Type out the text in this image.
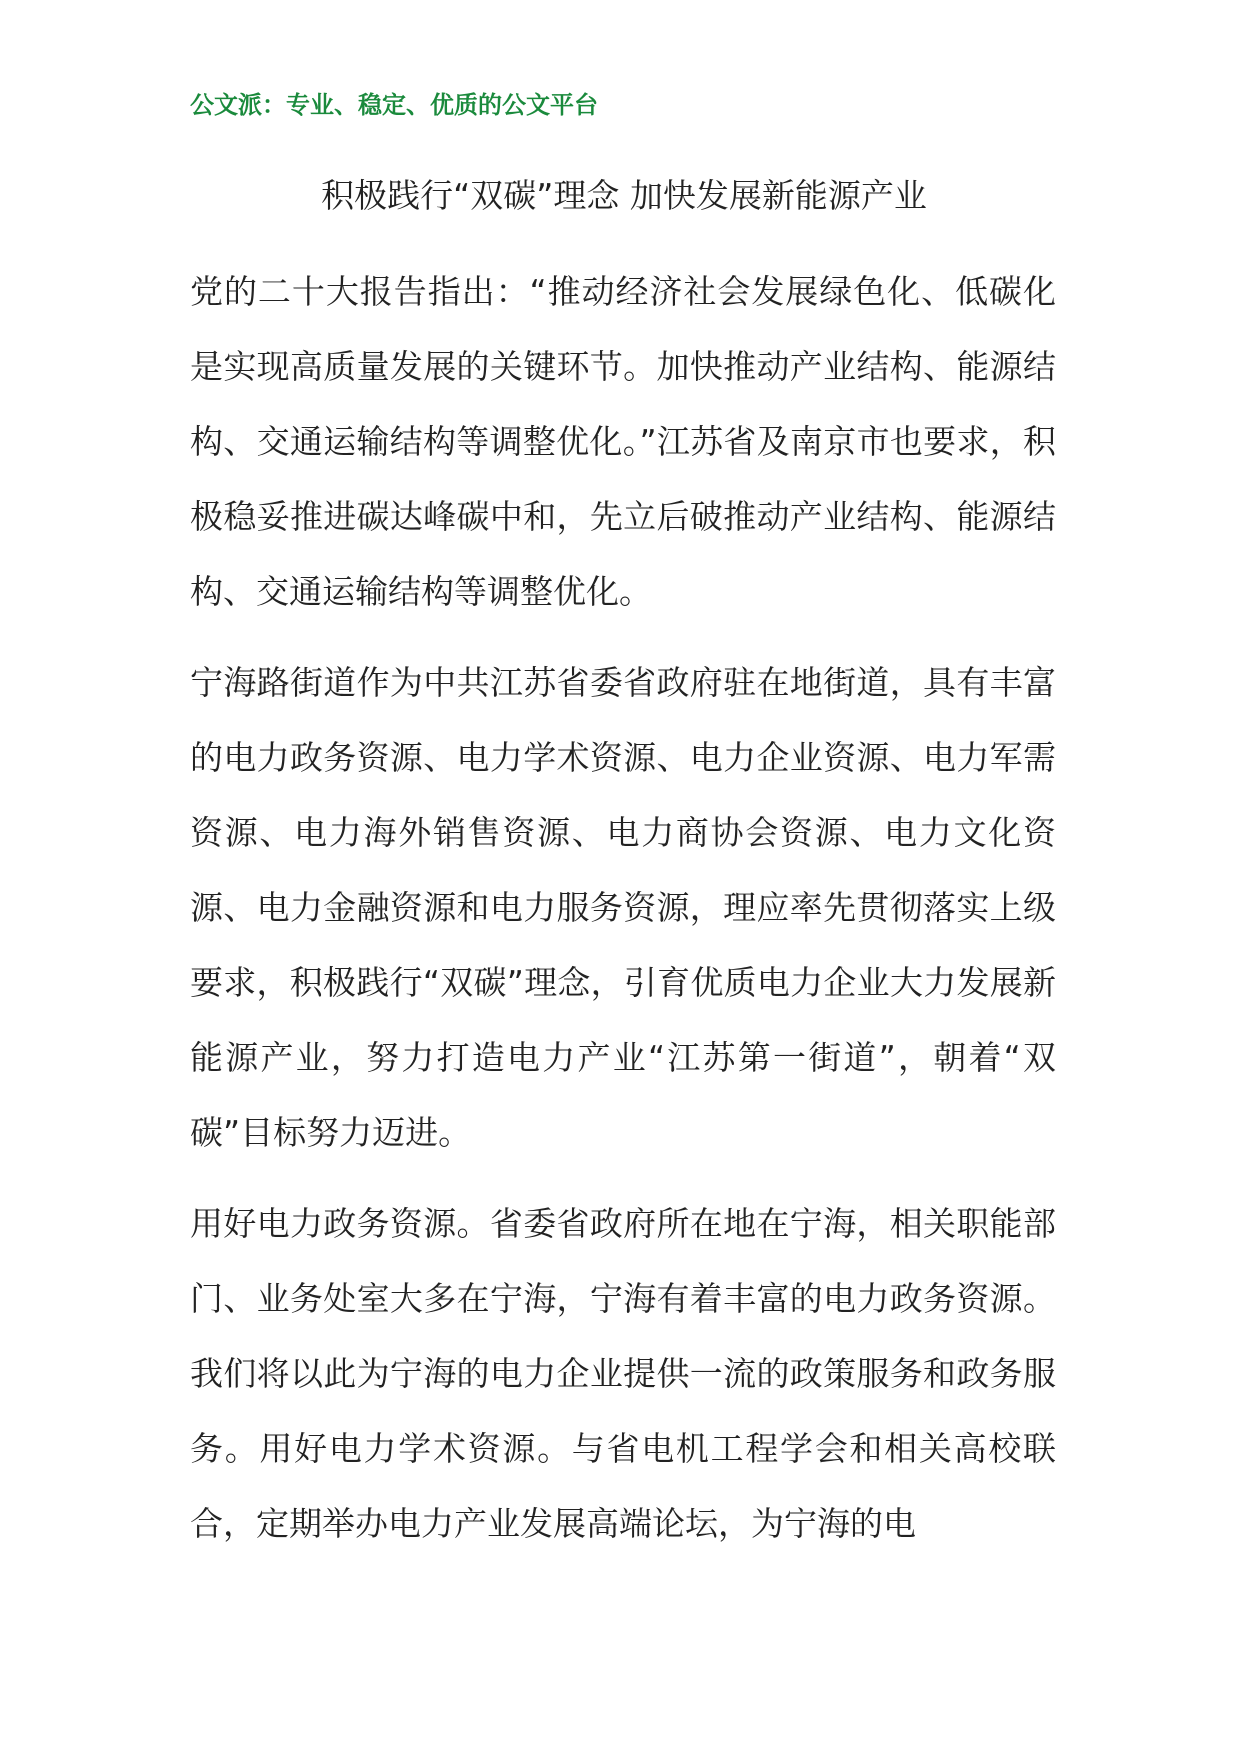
公文派：专业、稳定、优质的公文平台
积极践行“双碳”理念 加快发展新能源产业

党的二十大报告指出：“推动经济社会发展绿色化、低碳化是实现高质量发展的关键环节。加快推动产业结构、能源结构、交通运输结构等调整优化。”江苏省及南京市也要求，积极稳妥推进碳达峰碳中和，先立后破推动产业结构、能源结构、交通运输结构等调整优化。

宁海路街道作为中共江苏省委省政府驻在地街道，具有丰富的电力政务资源、电力学术资源、电力企业资源、电力军需资源、电力海外销售资源、电力商协会资源、电力文化资源、电力金融资源和电力服务资源，理应率先贯彻落实上级要求，积极践行“双碳”理念，引育优质电力企业大力发展新能源产业，努力打造电力产业“江苏第一街道”，朝着“双碳”目标努力迈进。

用好电力政务资源。省委省政府所在地在宁海，相关职能部门、业务处室大多在宁海，宁海有着丰富的电力政务资源。我们将以此为宁海的电力企业提供一流的政策服务和政务服务。用好电力学术资源。与省电机工程学会和相关高校联合，定期举办电力产业发展高端论坛，为宁海的电
